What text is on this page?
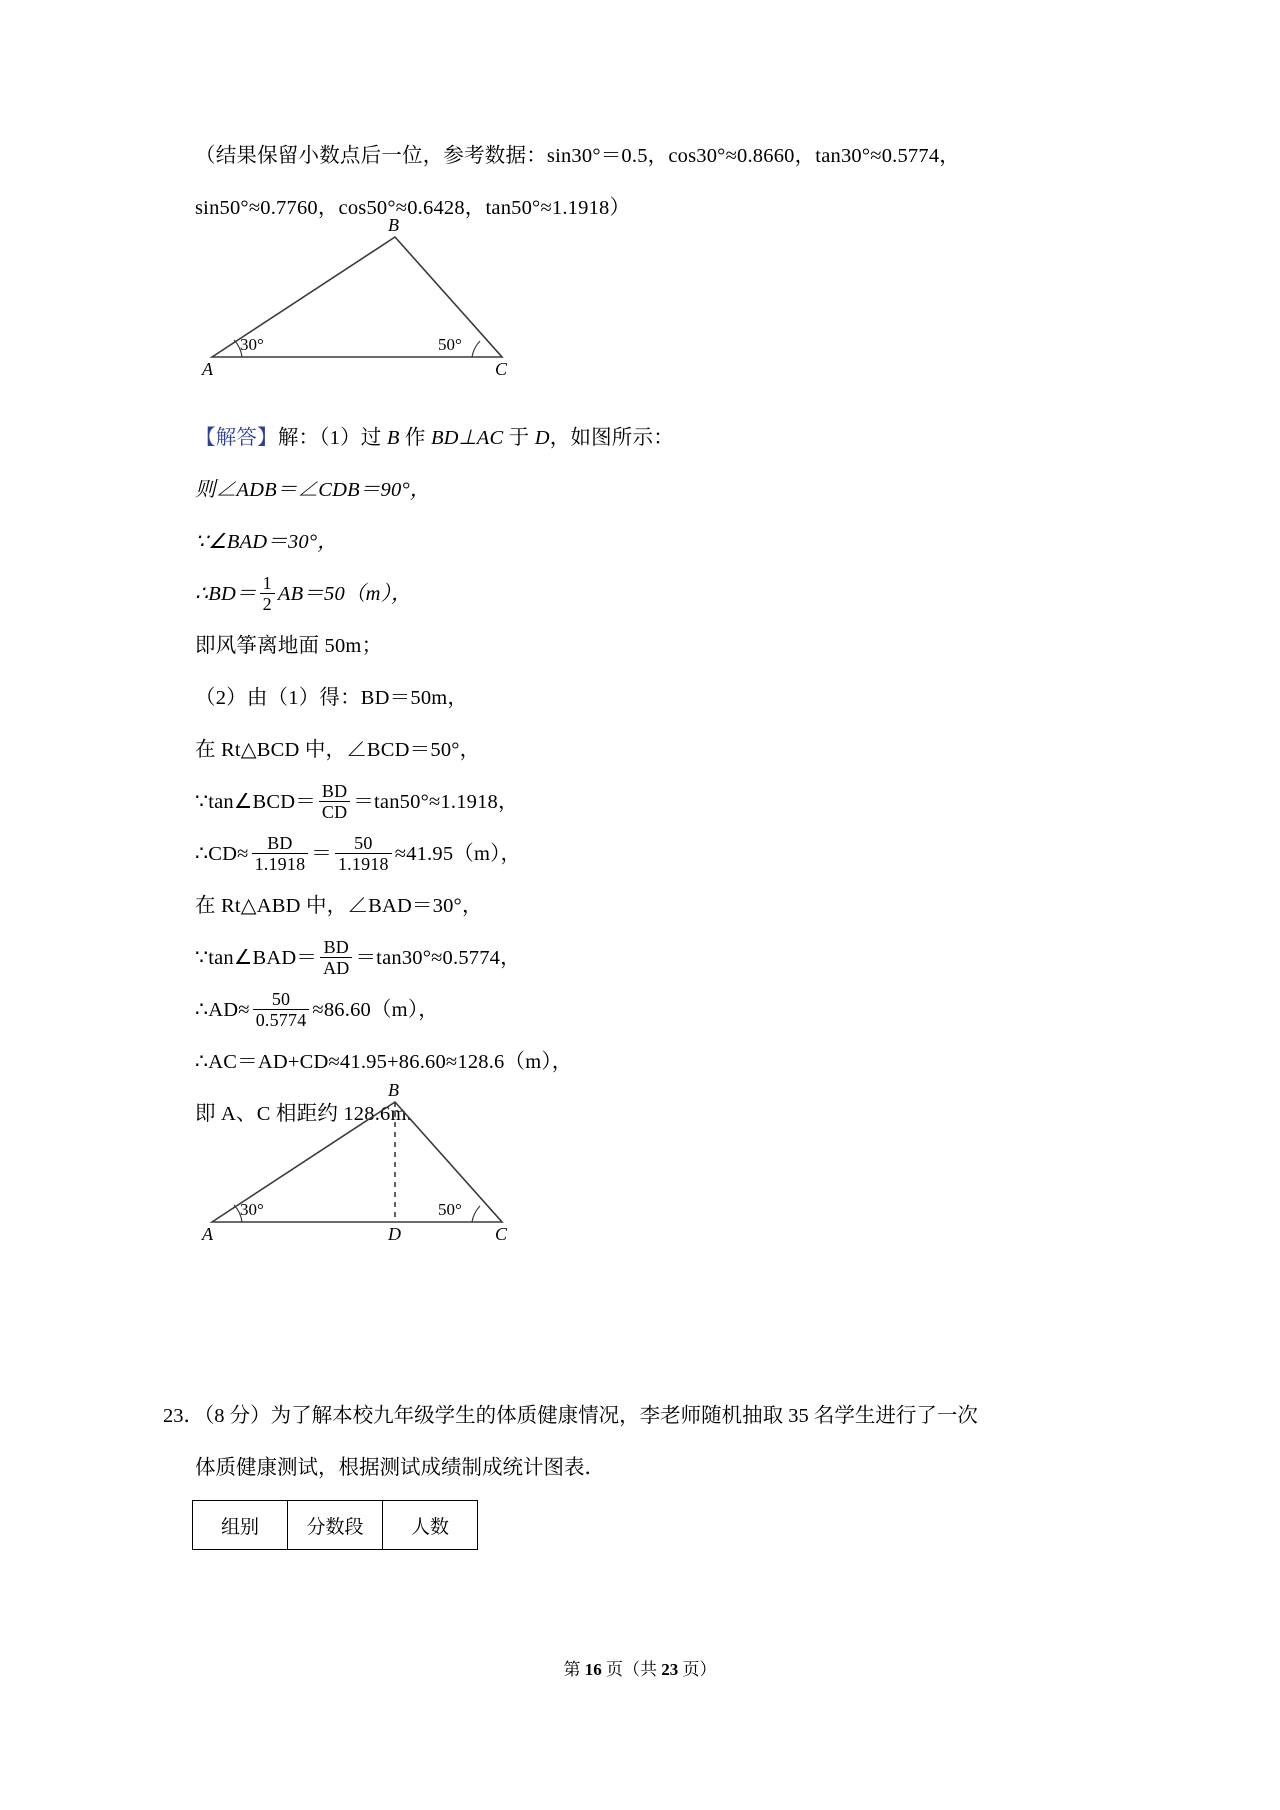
（结果保留小数点后一位，参考数据：sin30°＝0.5，cos30°≈0.8660，tan30°≈0.5774，
sin50°≈0.7760，cos50°≈0.6428，tan50°≈1.1918）
【解答】解：（1）过 B 作 BD⊥AC 于 D，如图所示：
则∠ADB＝∠CDB＝90°，
∵∠BAD＝30°，
∴BD＝ $\frac{1}{2} AB=50(m)$，
即风筝离地面 50m；
（2）由（1）得：BD＝50m，
在 Rt△BCD 中，∠BCD＝50°，
∵tan∠BCD＝ $\frac{BD}{CD} =\tan 50^\circ\approx 1.1918$，
∴CD≈ $\frac{BD}{1.1918} = \frac{50}{1.1918} \approx 41.95(m)$，
在 Rt△ABD 中，∠BAD＝30°，
∵tan∠BAD＝ $\frac{BD}{AD} =\tan 30^\circ\approx 0.5774$，
∴AD≈ $\frac{50}{0.5774} \approx 86.60(m)$，
∴AC＝AD+CD≈41.95+86.60≈128.6（m），
即 A、C 相距约 128.6m.
B
A	C
30°	50°
B
A	D	C
30°	50°
23．（8 分）为了解本校九年级学生的体质健康情况，李老师随机抽取 35 名学生进行了一次
体质健康测试，根据测试成绩制成统计图表．
组别	分数段	人数
第 16 页（共 23 页）
